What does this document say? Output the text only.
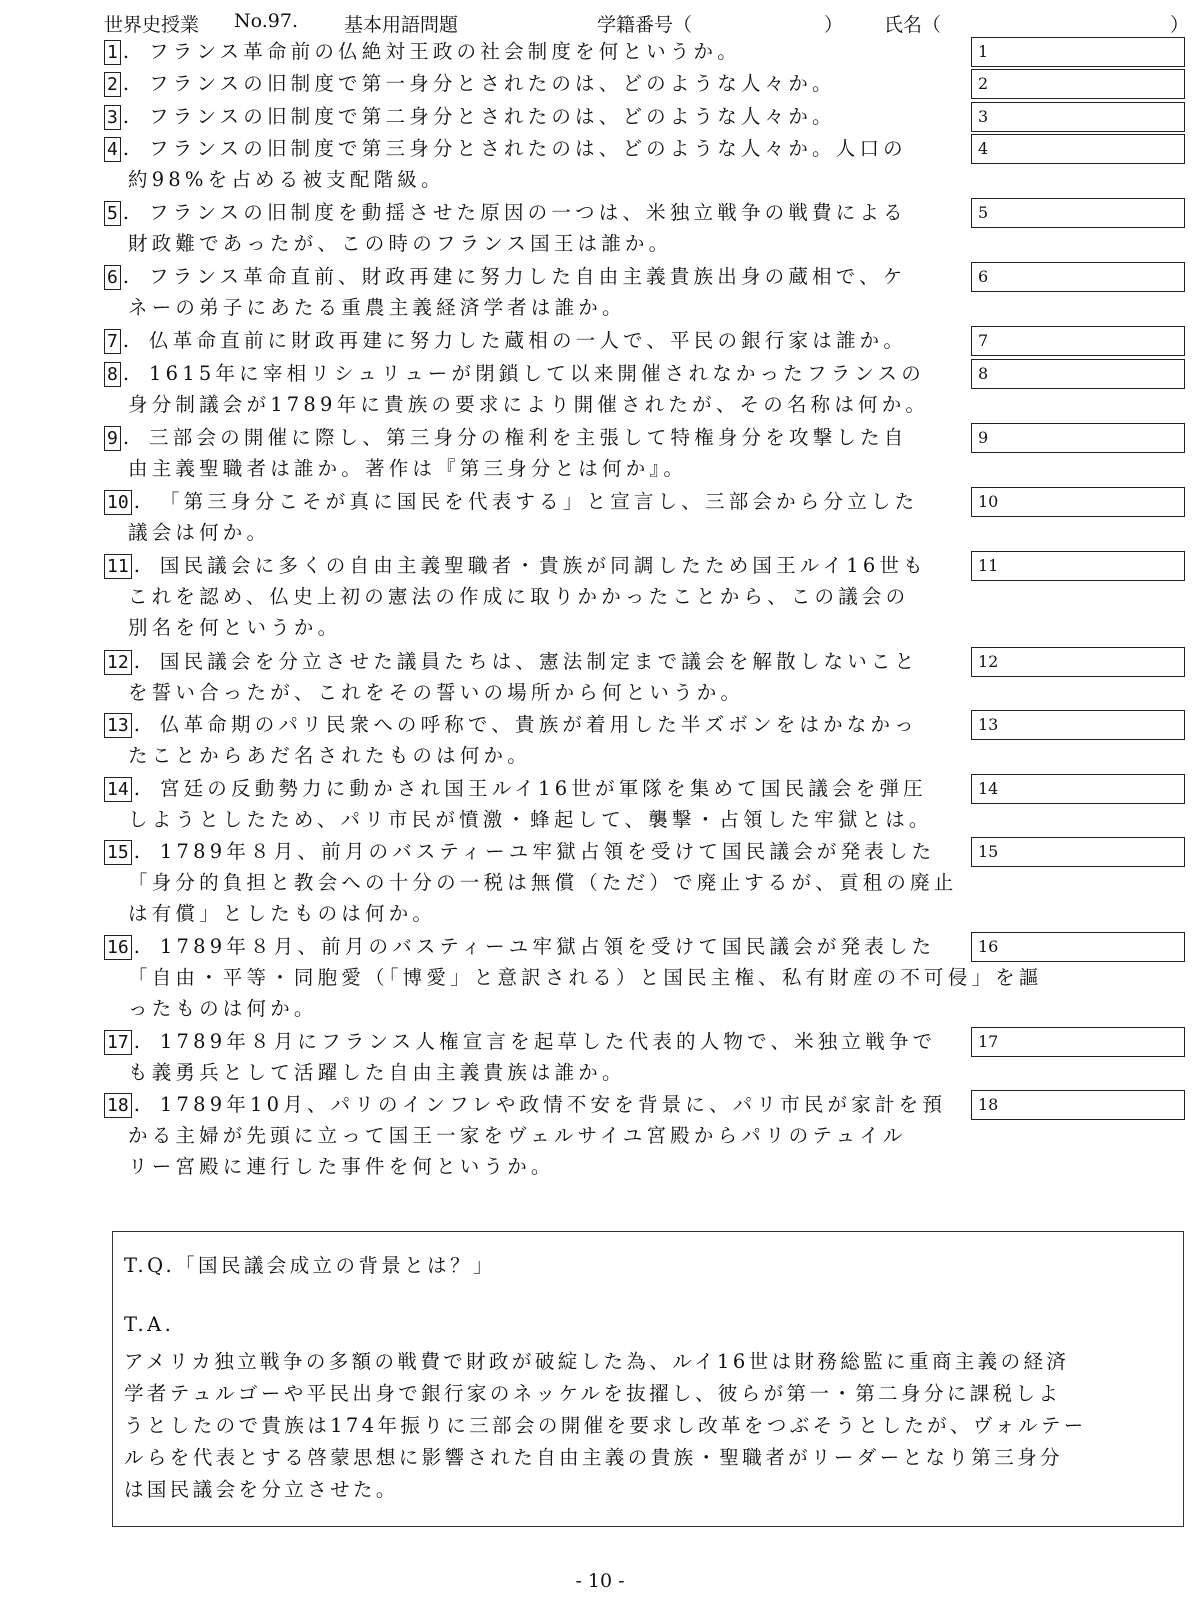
世界史授業 No.97. 基本用語問題	学籍番号（	） 氏名（	）
1 . フランス革命前の仏絶対王政の社会制度を何というか。	1
2 . フランスの旧制度で第一身分とされたのは、どのような人々か。	2
3 . フランスの旧制度で第二身分とされたのは、どのような人々か。	3
4 . フランスの旧制度で第三身分とされたのは、どのような人々か。人口の
約98%を占める被支配階級。
4
5 . フランスの旧制度を動揺させた原因の一つは、米独立戦争の戦費による
財政難であったが、この時のフランス国王は誰か。
5
6 . フランス革命直前、財政再建に努力した自由主義貴族出身の蔵相で、ケ
ネーの弟子にあたる重農主義経済学者は誰か。
6
7 . 仏革命直前に財政再建に努力した蔵相の一人で、平民の銀行家は誰か。	7
8 . 1615年に宰相リシュリューが閉鎖して以来開催されなかったフランスの
身分制議会が1789年に貴族の要求により開催されたが、その名称は何か。
8
9 . 三部会の開催に際し、第三身分の権利を主張して特権身分を攻撃した自
由主義聖職者は誰か。著作は『第三身分とは何か』。
9
10 . 「第三身分こそが真に国民を代表する」と宣言し、三部会から分立した
議会は何か。
10
11 . 国民議会に多くの自由主義聖職者・貴族が同調したため国王ルイ16世も
これを認め、仏史上初の憲法の作成に取りかかったことから、この議会の
別名を何というか。
11
12 . 国民議会を分立させた議員たちは、憲法制定まで議会を解散しないこと
を誓い合ったが、これをその誓いの場所から何というか。
12
13 . 仏革命期のパリ民衆への呼称で、貴族が着用した半ズボンをはかなかっ
たことからあだ名されたものは何か。
13
14 . 宮廷の反動勢力に動かされ国王ルイ16世が軍隊を集めて国民議会を弾圧
しようとしたため、パリ市民が憤激・蜂起して、襲撃・占領した牢獄とは。
14
15 . 1789年８月、前月のバスティーユ牢獄占領を受けて国民議会が発表した
「身分的負担と教会への十分の一税は無償（ただ）で廃止するが、貢租の廃止
は有償」としたものは何か。
15
16 . 1789年８月、前月のバスティーユ牢獄占領を受けて国民議会が発表した
「自由・平等・同胞愛（「博愛」と意訳される）と国民主権、私有財産の不可侵」を謳
ったものは何か。
16
17 . 1789年８月にフランス人権宣言を起草した代表的人物で、米独立戦争で
も義勇兵として活躍した自由主義貴族は誰か。
17
18 . 1789年10月、パリのインフレや政情不安を背景に、パリ市民が家計を預
かる主婦が先頭に立って国王一家をヴェルサイユ宮殿からパリのテュイル
リー宮殿に連行した事件を何というか。
18
T.Q.「国民議会成立の背景とは？」
T.A.
アメリカ独立戦争の多額の戦費で財政が破綻した為、ルイ16世は財務総監に重商主義の経済
学者テュルゴーや平民出身で銀行家のネッケルを抜擢し、彼らが第一・第二身分に課税しよ
うとしたので貴族は174年振りに三部会の開催を要求し改革をつぶそうとしたが、ヴォルテー
ルらを代表とする啓蒙思想に影響された自由主義の貴族・聖職者がリーダーとなり第三身分
は国民議会を分立させた。
- 10 -
